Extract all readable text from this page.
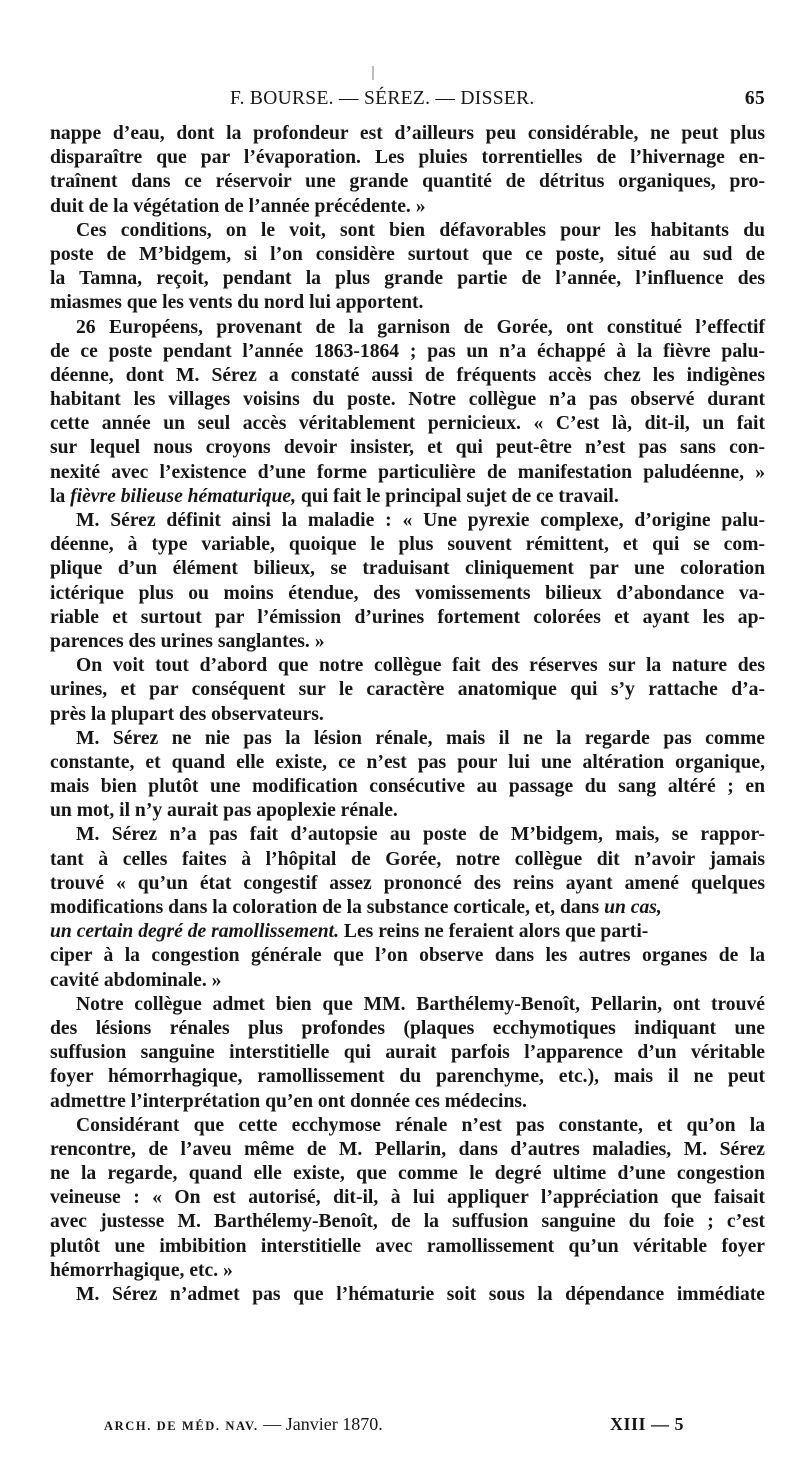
F. BOURSE. — SÉREZ. — DISSER.	65
nappe d’eau, dont la profondeur est d’ailleurs peu considérable, ne peut plus
disparaître que par l’évaporation. Les pluies torrentielles de l’hivernage en-
traînent dans ce réservoir une grande quantité de détritus organiques, pro-
duit de la végétation de l’année précédente. »
Ces conditions, on le voit, sont bien défavorables pour les habitants du
poste de M’bidgem, si l’on considère surtout que ce poste, situé au sud de
la Tamna, reçoit, pendant la plus grande partie de l’année, l’influence des
miasmes que les vents du nord lui apportent.
26 Européens, provenant de la garnison de Gorée, ont constitué l’effectif
de ce poste pendant l’année 1863-1864 ; pas un n’a échappé à la fièvre palu-
déenne, dont M. Sérez a constaté aussi de fréquents accès chez les indigènes
habitant les villages voisins du poste. Notre collègue n’a pas observé durant
cette année un seul accès véritablement pernicieux. « C’est là, dit-il, un fait
sur lequel nous croyons devoir insister, et qui peut-être n’est pas sans con-
nexité avec l’existence d’une forme particulière de manifestation paludéenne, »
la fièvre bilieuse hématurique, qui fait le principal sujet de ce travail.
M. Sérez définit ainsi la maladie : « Une pyrexie complexe, d’origine palu-
déenne, à type variable, quoique le plus souvent rémittent, et qui se com-
plique d’un élément bilieux, se traduisant cliniquement par une coloration
ictérique plus ou moins étendue, des vomissements bilieux d’abondance va-
riable et surtout par l’émission d’urines fortement colorées et ayant les ap-
parences des urines sanglantes. »
On voit tout d’abord que notre collègue fait des réserves sur la nature des
urines, et par conséquent sur le caractère anatomique qui s’y rattache d’a-
près la plupart des observateurs.
M. Sérez ne nie pas la lésion rénale, mais il ne la regarde pas comme
constante, et quand elle existe, ce n’est pas pour lui une altération organique,
mais bien plutôt une modification consécutive au passage du sang altéré ; en
un mot, il n’y aurait pas apoplexie rénale.
M. Sérez n’a pas fait d’autopsie au poste de M’bidgem, mais, se rappor-
tant à celles faites à l’hôpital de Gorée, notre collègue dit n’avoir jamais
trouvé « qu’un état congestif assez prononcé des reins ayant amené quelques
modifications dans la coloration de la substance corticale, et, dans un cas,
un certain degré de ramollissement. Les reins ne feraient alors que parti-
ciper à la congestion générale que l’on observe dans les autres organes de la
cavité abdominale. »
Notre collègue admet bien que MM. Barthélemy-Benoît, Pellarin, ont trouvé
des lésions rénales plus profondes (plaques ecchymotiques indiquant une
suffusion sanguine interstitielle qui aurait parfois l’apparence d’un véritable
foyer hémorrhagique, ramollissement du parenchyme, etc.), mais il ne peut
admettre l’interprétation qu’en ont donnée ces médecins.
Considérant que cette ecchymose rénale n’est pas constante, et qu’on la
rencontre, de l’aveu même de M. Pellarin, dans d’autres maladies, M. Sérez
ne la regarde, quand elle existe, que comme le degré ultime d’une congestion
veineuse : « On est autorisé, dit-il, à lui appliquer l’appréciation que faisait
avec justesse M. Barthélemy-Benoît, de la suffusion sanguine du foie ; c’est
plutôt une imbibition interstitielle avec ramollissement qu’un véritable foyer
hémorrhagique, etc. »
M. Sérez n’admet pas que l’hématurie soit sous la dépendance immédiate
ARCH. DE MÉD. NAV. — Janvier 1870.	XIII — 5
